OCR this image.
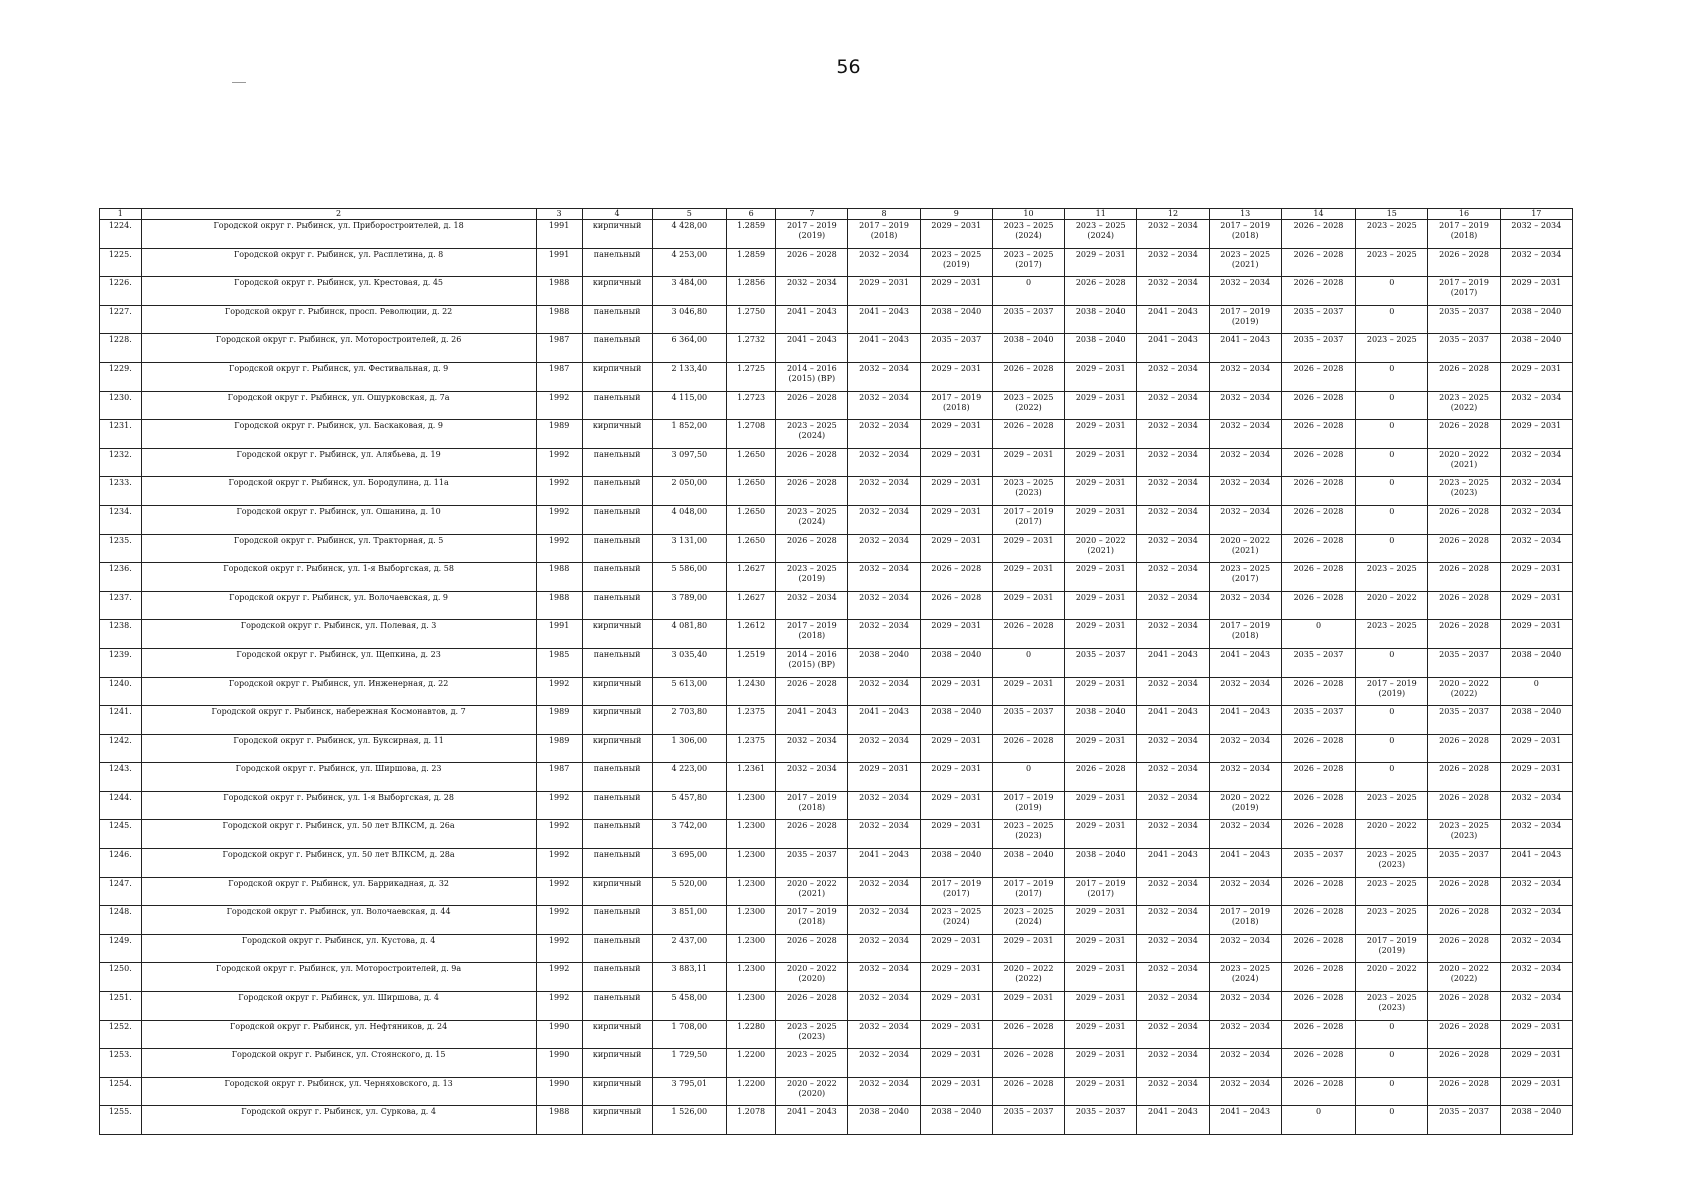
56
1	2	3	4	5	6	7	8	9	10	11	12	13	14	15	16	17
1224.	Городской округ г. Рыбинск, ул. Приборостроителей, д. 18	1991	кирпичный	4 428,00	1.2859	2017 – 2019
(2019)	2017 – 2019
(2018)	2029 – 2031	2023 – 2025
(2024)	2023 – 2025
(2024)	2032 – 2034	2017 – 2019
(2018)	2026 – 2028	2023 – 2025	2017 – 2019
(2018)	2032 – 2034
1225.	Городской округ г. Рыбинск, ул. Расплетина, д. 8	1991	панельный	4 253,00	1.2859	2026 – 2028	2032 – 2034	2023 – 2025
(2019)	2023 – 2025
(2017)	2029 – 2031	2032 – 2034	2023 – 2025
(2021)	2026 – 2028	2023 – 2025	2026 – 2028	2032 – 2034
1226.	Городской округ г. Рыбинск, ул. Крестовая, д. 45	1988	кирпичный	3 484,00	1.2856	2032 – 2034	2029 – 2031	2029 – 2031	0	2026 – 2028	2032 – 2034	2032 – 2034	2026 – 2028	0	2017 – 2019
(2017)	2029 – 2031
1227.	Городской округ г. Рыбинск, просп. Революции, д. 22	1988	панельный	3 046,80	1.2750	2041 – 2043	2041 – 2043	2038 – 2040	2035 – 2037	2038 – 2040	2041 – 2043	2017 – 2019
(2019)	2035 – 2037	0	2035 – 2037	2038 – 2040
1228.	Городской округ г. Рыбинск, ул. Моторостроителей, д. 26	1987	панельный	6 364,00	1.2732	2041 – 2043	2041 – 2043	2035 – 2037	2038 – 2040	2038 – 2040	2041 – 2043	2041 – 2043	2035 – 2037	2023 – 2025	2035 – 2037	2038 – 2040
1229.	Городской округ г. Рыбинск, ул. Фестивальная, д. 9	1987	кирпичный	2 133,40	1.2725	2014 – 2016
(2015) (ВР)	2032 – 2034	2029 – 2031	2026 – 2028	2029 – 2031	2032 – 2034	2032 – 2034	2026 – 2028	0	2026 – 2028	2029 – 2031
1230.	Городской округ г. Рыбинск, ул. Ошурковская, д. 7а	1992	панельный	4 115,00	1.2723	2026 – 2028	2032 – 2034	2017 – 2019
(2018)	2023 – 2025
(2022)	2029 – 2031	2032 – 2034	2032 – 2034	2026 – 2028	0	2023 – 2025
(2022)	2032 – 2034
1231.	Городской округ г. Рыбинск, ул. Баскаковая, д. 9	1989	кирпичный	1 852,00	1.2708	2023 – 2025
(2024)	2032 – 2034	2029 – 2031	2026 – 2028	2029 – 2031	2032 – 2034	2032 – 2034	2026 – 2028	0	2026 – 2028	2029 – 2031
1232.	Городской округ г. Рыбинск, ул. Алябьева, д. 19	1992	панельный	3 097,50	1.2650	2026 – 2028	2032 – 2034	2029 – 2031	2029 – 2031	2029 – 2031	2032 – 2034	2032 – 2034	2026 – 2028	0	2020 – 2022
(2021)	2032 – 2034
1233.	Городской округ г. Рыбинск, ул. Бородулина, д. 11а	1992	панельный	2 050,00	1.2650	2026 – 2028	2032 – 2034	2029 – 2031	2023 – 2025
(2023)	2029 – 2031	2032 – 2034	2032 – 2034	2026 – 2028	0	2023 – 2025
(2023)	2032 – 2034
1234.	Городской округ г. Рыбинск, ул. Ошанина, д. 10	1992	панельный	4 048,00	1.2650	2023 – 2025
(2024)	2032 – 2034	2029 – 2031	2017 – 2019
(2017)	2029 – 2031	2032 – 2034	2032 – 2034	2026 – 2028	0	2026 – 2028	2032 – 2034
1235.	Городской округ г. Рыбинск, ул. Тракторная, д. 5	1992	панельный	3 131,00	1.2650	2026 – 2028	2032 – 2034	2029 – 2031	2029 – 2031	2020 – 2022
(2021)	2032 – 2034	2020 – 2022
(2021)	2026 – 2028	0	2026 – 2028	2032 – 2034
1236.	Городской округ г. Рыбинск, ул. 1-я Выборгская, д. 58	1988	панельный	5 586,00	1.2627	2023 – 2025
(2019)	2032 – 2034	2026 – 2028	2029 – 2031	2029 – 2031	2032 – 2034	2023 – 2025
(2017)	2026 – 2028	2023 – 2025	2026 – 2028	2029 – 2031
1237.	Городской округ г. Рыбинск, ул. Волочаевская, д. 9	1988	панельный	3 789,00	1.2627	2032 – 2034	2032 – 2034	2026 – 2028	2029 – 2031	2029 – 2031	2032 – 2034	2032 – 2034	2026 – 2028	2020 – 2022	2026 – 2028	2029 – 2031
1238.	Городской округ г. Рыбинск, ул. Полевая, д. 3	1991	кирпичный	4 081,80	1.2612	2017 – 2019
(2018)	2032 – 2034	2029 – 2031	2026 – 2028	2029 – 2031	2032 – 2034	2017 – 2019
(2018)	0	2023 – 2025	2026 – 2028	2029 – 2031
1239.	Городской округ г. Рыбинск, ул. Щепкина, д. 23	1985	панельный	3 035,40	1.2519	2014 – 2016
(2015) (ВР)	2038 – 2040	2038 – 2040	0	2035 – 2037	2041 – 2043	2041 – 2043	2035 – 2037	0	2035 – 2037	2038 – 2040
1240.	Городской округ г. Рыбинск, ул. Инженерная, д. 22	1992	кирпичный	5 613,00	1.2430	2026 – 2028	2032 – 2034	2029 – 2031	2029 – 2031	2029 – 2031	2032 – 2034	2032 – 2034	2026 – 2028	2017 – 2019
(2019)	2020 – 2022
(2022)	0
1241.	Городской округ г. Рыбинск, набережная Космонавтов, д. 7	1989	кирпичный	2 703,80	1.2375	2041 – 2043	2041 – 2043	2038 – 2040	2035 – 2037	2038 – 2040	2041 – 2043	2041 – 2043	2035 – 2037	0	2035 – 2037	2038 – 2040
1242.	Городской округ г. Рыбинск, ул. Буксирная, д. 11	1989	кирпичный	1 306,00	1.2375	2032 – 2034	2032 – 2034	2029 – 2031	2026 – 2028	2029 – 2031	2032 – 2034	2032 – 2034	2026 – 2028	0	2026 – 2028	2029 – 2031
1243.	Городской округ г. Рыбинск, ул. Ширшова, д. 23	1987	панельный	4 223,00	1.2361	2032 – 2034	2029 – 2031	2029 – 2031	0	2026 – 2028	2032 – 2034	2032 – 2034	2026 – 2028	0	2026 – 2028	2029 – 2031
1244.	Городской округ г. Рыбинск, ул. 1-я Выборгская, д. 28	1992	панельный	5 457,80	1.2300	2017 – 2019
(2018)	2032 – 2034	2029 – 2031	2017 – 2019
(2019)	2029 – 2031	2032 – 2034	2020 – 2022
(2019)	2026 – 2028	2023 – 2025	2026 – 2028	2032 – 2034
1245.	Городской округ г. Рыбинск, ул. 50 лет ВЛКСМ, д. 26а	1992	панельный	3 742,00	1.2300	2026 – 2028	2032 – 2034	2029 – 2031	2023 – 2025
(2023)	2029 – 2031	2032 – 2034	2032 – 2034	2026 – 2028	2020 – 2022	2023 – 2025
(2023)	2032 – 2034
1246.	Городской округ г. Рыбинск, ул. 50 лет ВЛКСМ, д. 28а	1992	панельный	3 695,00	1.2300	2035 – 2037	2041 – 2043	2038 – 2040	2038 – 2040	2038 – 2040	2041 – 2043	2041 – 2043	2035 – 2037	2023 – 2025
(2023)	2035 – 2037	2041 – 2043
1247.	Городской округ г. Рыбинск, ул. Баррикадная, д. 32	1992	кирпичный	5 520,00	1.2300	2020 – 2022
(2021)	2032 – 2034	2017 – 2019
(2017)	2017 – 2019
(2017)	2017 – 2019
(2017)	2032 – 2034	2032 – 2034	2026 – 2028	2023 – 2025	2026 – 2028	2032 – 2034
1248.	Городской округ г. Рыбинск, ул. Волочаевская, д. 44	1992	панельный	3 851,00	1.2300	2017 – 2019
(2018)	2032 – 2034	2023 – 2025
(2024)	2023 – 2025
(2024)	2029 – 2031	2032 – 2034	2017 – 2019
(2018)	2026 – 2028	2023 – 2025	2026 – 2028	2032 – 2034
1249.	Городской округ г. Рыбинск, ул. Кустова, д. 4	1992	панельный	2 437,00	1.2300	2026 – 2028	2032 – 2034	2029 – 2031	2029 – 2031	2029 – 2031	2032 – 2034	2032 – 2034	2026 – 2028	2017 – 2019
(2019)	2026 – 2028	2032 – 2034
1250.	Городской округ г. Рыбинск, ул. Моторостроителей, д. 9а	1992	панельный	3 883,11	1.2300	2020 – 2022
(2020)	2032 – 2034	2029 – 2031	2020 – 2022
(2022)	2029 – 2031	2032 – 2034	2023 – 2025
(2024)	2026 – 2028	2020 – 2022	2020 – 2022
(2022)	2032 – 2034
1251.	Городской округ г. Рыбинск, ул. Ширшова, д. 4	1992	панельный	5 458,00	1.2300	2026 – 2028	2032 – 2034	2029 – 2031	2029 – 2031	2029 – 2031	2032 – 2034	2032 – 2034	2026 – 2028	2023 – 2025
(2023)	2026 – 2028	2032 – 2034
1252.	Городской округ г. Рыбинск, ул. Нефтяников, д. 24	1990	кирпичный	1 708,00	1.2280	2023 – 2025
(2023)	2032 – 2034	2029 – 2031	2026 – 2028	2029 – 2031	2032 – 2034	2032 – 2034	2026 – 2028	0	2026 – 2028	2029 – 2031
1253.	Городской округ г. Рыбинск, ул. Стоянского, д. 15	1990	кирпичный	1 729,50	1.2200	2023 – 2025	2032 – 2034	2029 – 2031	2026 – 2028	2029 – 2031	2032 – 2034	2032 – 2034	2026 – 2028	0	2026 – 2028	2029 – 2031
1254.	Городской округ г. Рыбинск, ул. Черняховского, д. 13	1990	кирпичный	3 795,01	1.2200	2020 – 2022
(2020)	2032 – 2034	2029 – 2031	2026 – 2028	2029 – 2031	2032 – 2034	2032 – 2034	2026 – 2028	0	2026 – 2028	2029 – 2031
1255.	Городской округ г. Рыбинск, ул. Суркова, д. 4	1988	кирпичный	1 526,00	1.2078	2041 – 2043	2038 – 2040	2038 – 2040	2035 – 2037	2035 – 2037	2041 – 2043	2041 – 2043	0	0	2035 – 2037	2038 – 2040
